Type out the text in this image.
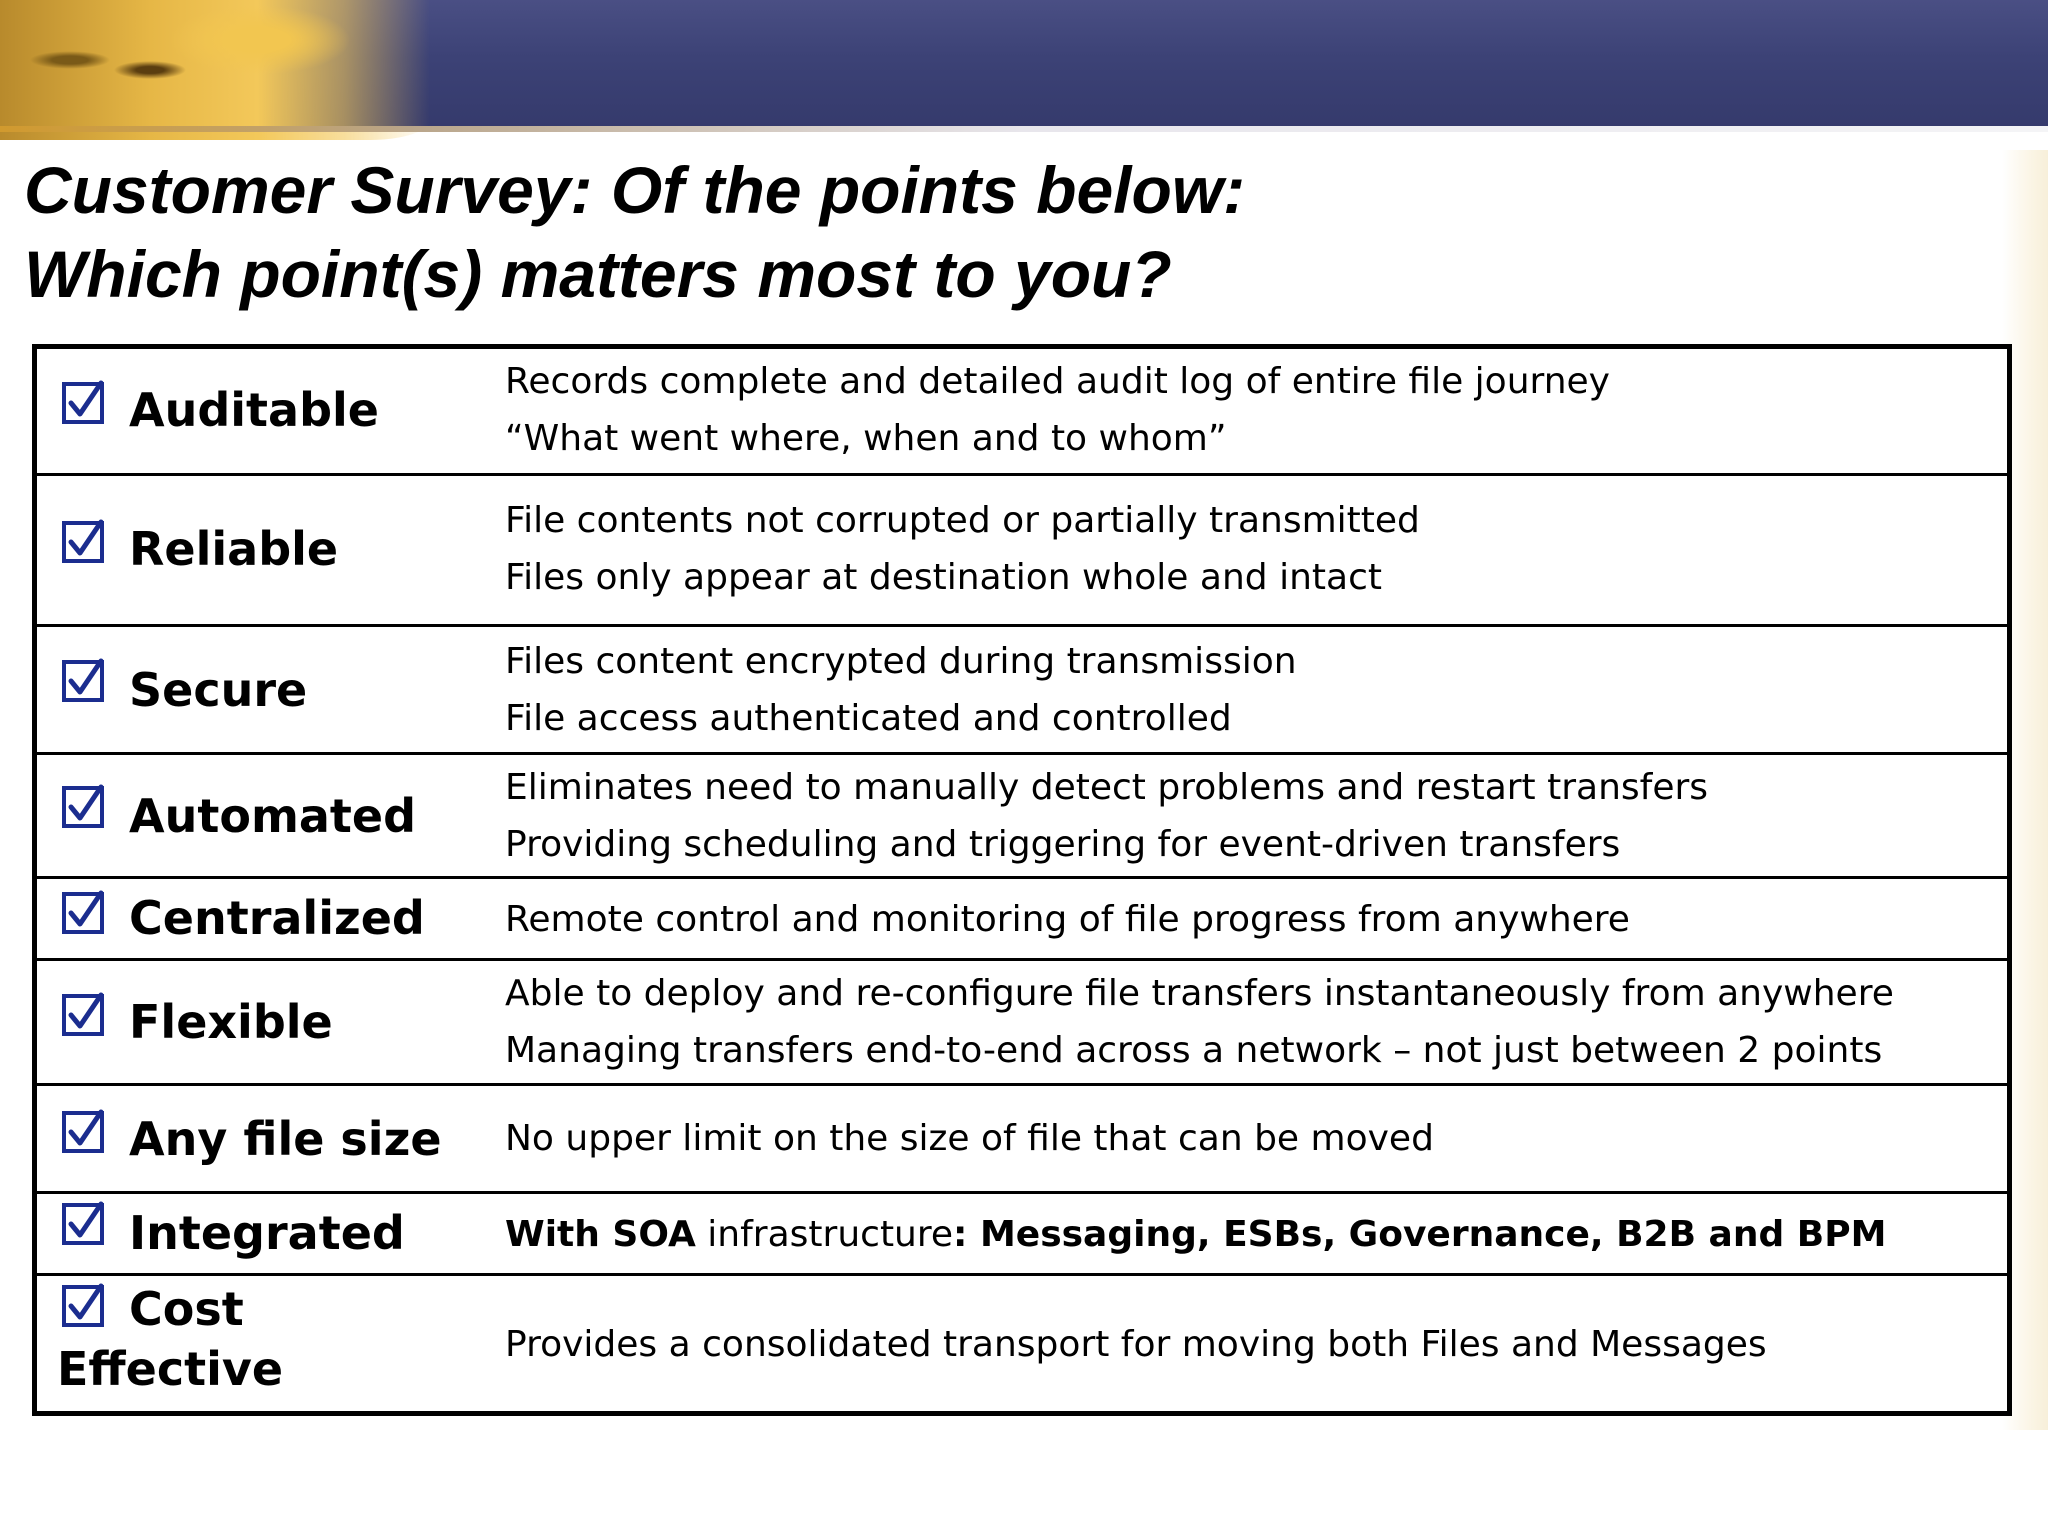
Customer Survey: Of the points below:
Which point(s) matters most to you?
Auditable
Records complete and detailed audit log of entire file journey
“What went where, when and to whom”
Reliable
File contents not corrupted or partially transmitted
Files only appear at destination whole and intact
Secure
Files content encrypted during transmission
File access authenticated and controlled
Automated
Eliminates need to manually detect problems and restart transfers
Providing scheduling and triggering for event-driven transfers
Centralized Remote control and monitoring of file progress from anywhere
Flexible
Able to deploy and re-configure file transfers instantaneously from anywhere
Managing transfers end-to-end across a network – not just between 2 points
Any file size No upper limit on the size of file that can be moved
Integrated	With SOA infrastructure: Messaging, ESBs, Governance, B2B and BPM
Cost
Effective	Provides a consolidated transport for moving both Files and Messages
